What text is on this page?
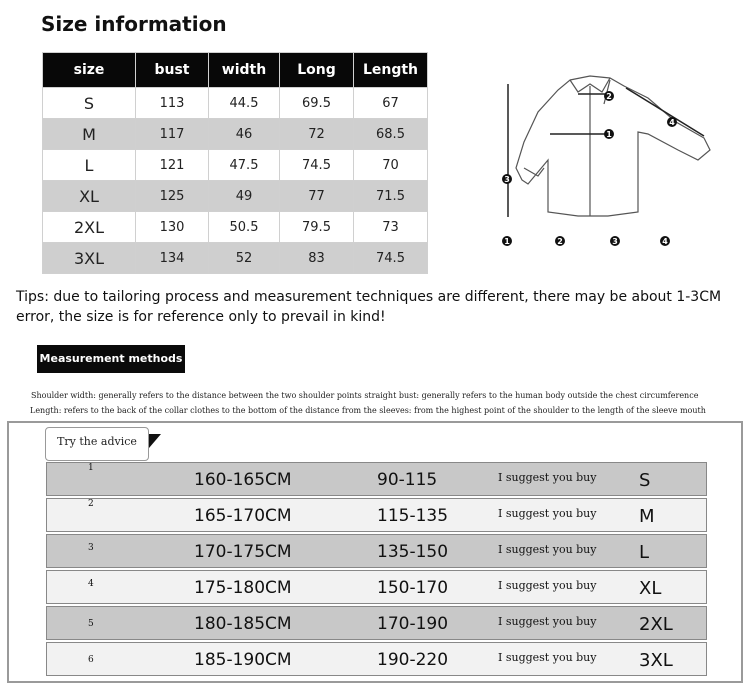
Size information
size	bust	width	Long	Length
S	113	44.5	69.5	67
M	117	46	72	68.5
L	121	47.5	74.5	70
XL	125	49	77	71.5
2XL	130	50.5	79.5	73
3XL	134	52	83	74.5
1
2
3
4
1	2	3	4
Tips: due to tailoring process and measurement techniques are different, there may be about 1-3CM error, the size is for reference only to prevail in kind!
Measurement methods
Shoulder width: generally refers to the distance between the two shoulder points straight bust: generally refers to the human body outside the chest circumference
Length: refers to the back of the collar clothes to the bottom of the distance from the sleeves: from the highest point of the shoulder to the length of the sleeve mouth
Try the advice
1
160-165CM	90-115	I suggest you buy S
2
165-170CM	115-135	I suggest you buy M
3	170-175CM	135-150	I suggest you buy L
4	175-180CM	150-170	I suggest you buy XL
5	180-185CM	170-190	I suggest you buy 2XL
6	185-190CM	190-220	I suggest you buy 3XL
